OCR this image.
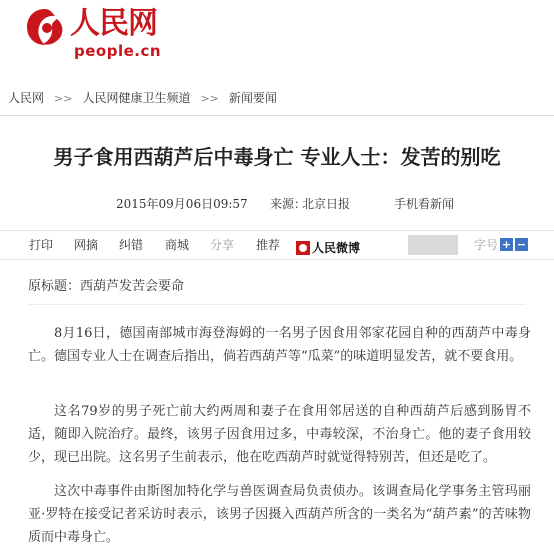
人民网
people.cn
人民网 >> 人民网健康卫生频道 >> 新闻要闻
男子食用西葫芦后中毒身亡 专业人士：发苦的别吃
2015年09月06日09:57 来源：
北京日报	手机看新闻
打印 网摘 纠错 商城 分享 推荐	人民微博	字号 + −
原标题：西葫芦发苦会要命

8月16日，德国南部城市海登海姆的一名男子因食用邻家花园自种的西葫芦中毒身亡。德国专业人士在调查后指出，倘若西葫芦等“瓜菜”的味道明显发苦，就不要食用。

这名79岁的男子死亡前大约两周和妻子在食用邻居送的自种西葫芦后感到肠胃不适，随即入院治疗。最终，该男子因食用过多，中毒较深，不治身亡。他的妻子食用较少，现已出院。这名男子生前表示，他在吃西葫芦时就觉得特别苦，但还是吃了。

这次中毒事件由斯图加特化学与兽医调查局负责侦办。该调查局化学事务主管玛丽亚·罗特在接受记者采访时表示，该男子因摄入西葫芦所含的一类名为“葫芦素”的苦味物质而中毒身亡。
